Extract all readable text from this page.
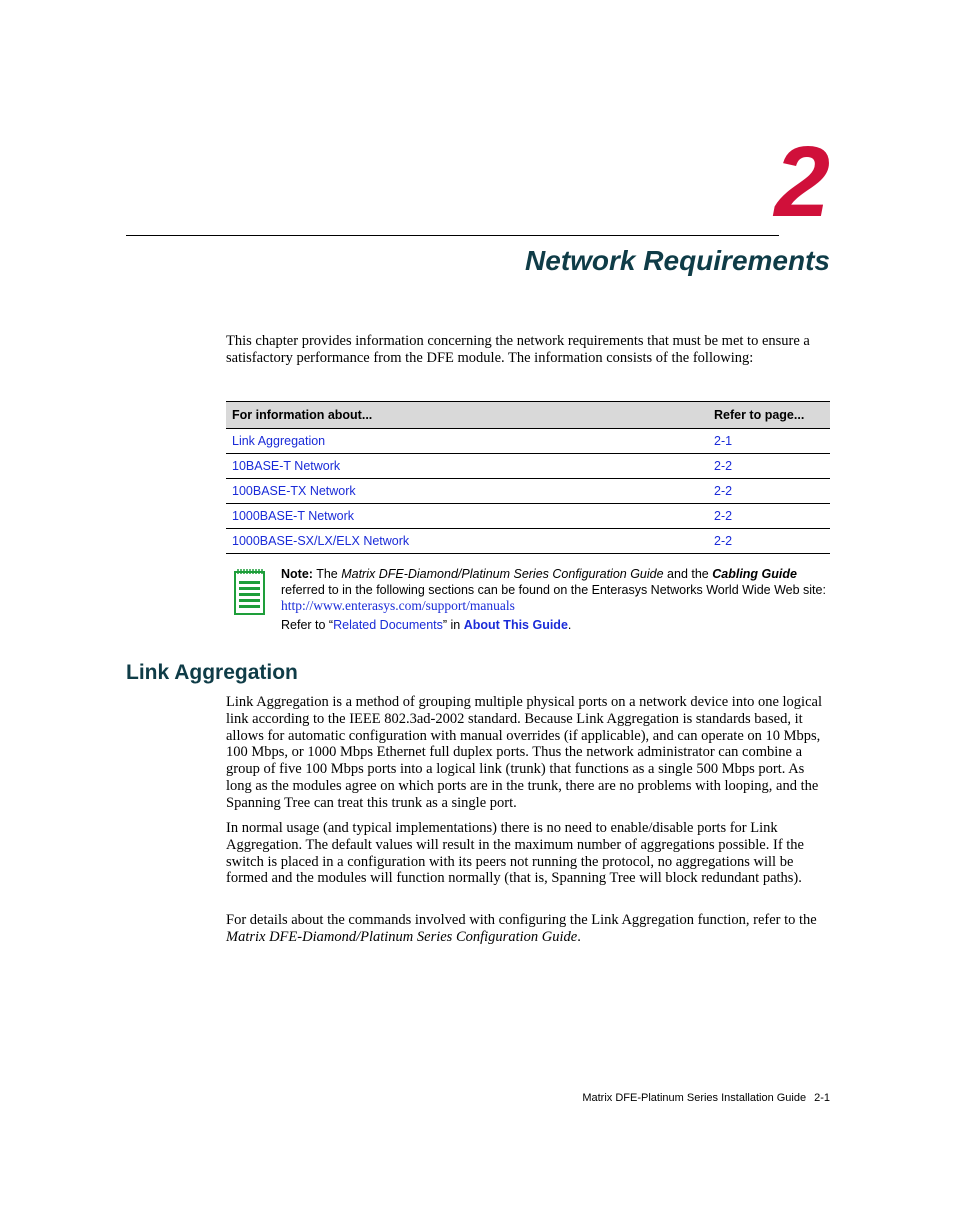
2
Network Requirements
This chapter provides information concerning the network requirements that must be met to ensure a satisfactory performance from the DFE module. The information consists of the following:
For information about...	Refer to page...
Link Aggregation	2-1
10BASE-T Network	2-2
100BASE-TX Network	2-2
1000BASE-T Network	2-2
1000BASE-SX/LX/ELX Network	2-2
Note: The Matrix DFE-Diamond/Platinum Series Configuration Guide and the Cabling Guide referred to in the following sections can be found on the Enterasys Networks World Wide Web site: http://www.enterasys.com/support/manuals
Refer to “Related Documents” in About This Guide.
Link Aggregation
Link Aggregation is a method of grouping multiple physical ports on a network device into one logical link according to the IEEE 802.3ad-2002 standard. Because Link Aggregation is standards based, it allows for automatic configuration with manual overrides (if applicable), and can operate on 10 Mbps, 100 Mbps, or 1000 Mbps Ethernet full duplex ports. Thus the network administrator can combine a group of five 100 Mbps ports into a logical link (trunk) that functions as a single 500 Mbps port. As long as the modules agree on which ports are in the trunk, there are no problems with looping, and the Spanning Tree can treat this trunk as a single port.
In normal usage (and typical implementations) there is no need to enable/disable ports for Link Aggregation. The default values will result in the maximum number of aggregations possible. If the switch is placed in a configuration with its peers not running the protocol, no aggregations will be formed and the modules will function normally (that is, Spanning Tree will block redundant paths).
For details about the commands involved with configuring the Link Aggregation function, refer to the Matrix DFE-Diamond/Platinum Series Configuration Guide.
Matrix DFE-Platinum Series Installation Guide 2-1
